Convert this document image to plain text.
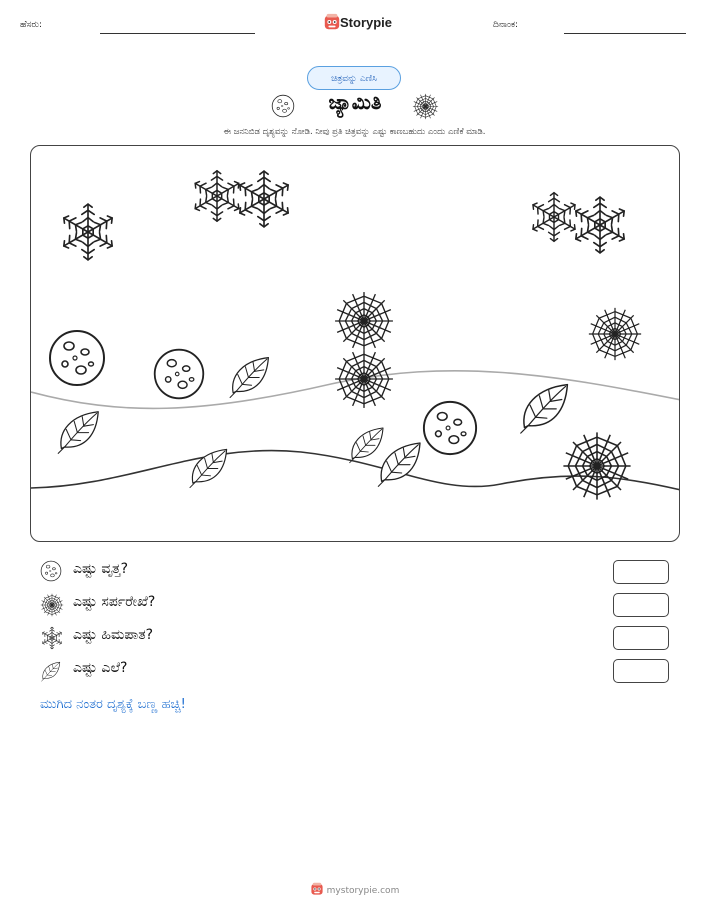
ಹೆಸರು:	Storypie	ದಿನಾಂಕ:
ಚಿತ್ರವನ್ನು ಎಣಿಸಿ
ಜ್ಯಾಮಿತಿ
ಈ ಜನನಿಬಿಡ ದೃಶ್ಯವನ್ನು ನೋಡಿ. ನೀವು ಪ್ರತಿ ಚಿತ್ರವನ್ನು ಎಷ್ಟು ಕಾಣಬಹುದು ಎಂದು ಎಣಿಕೆ ಮಾಡಿ.
ಎಷ್ಟು ವೃತ್ತ?
ಎಷ್ಟು ಸರ್ಪರೇಖೆ?
ಎಷ್ಟು ಹಿಮಪಾತ?
ಎಷ್ಟು ಎಲೆ?
ಮುಗಿದ ನಂತರ ದೃಶ್ಯಕ್ಕೆ ಬಣ್ಣ ಹಚ್ಚಿ!
mystorypie.com
